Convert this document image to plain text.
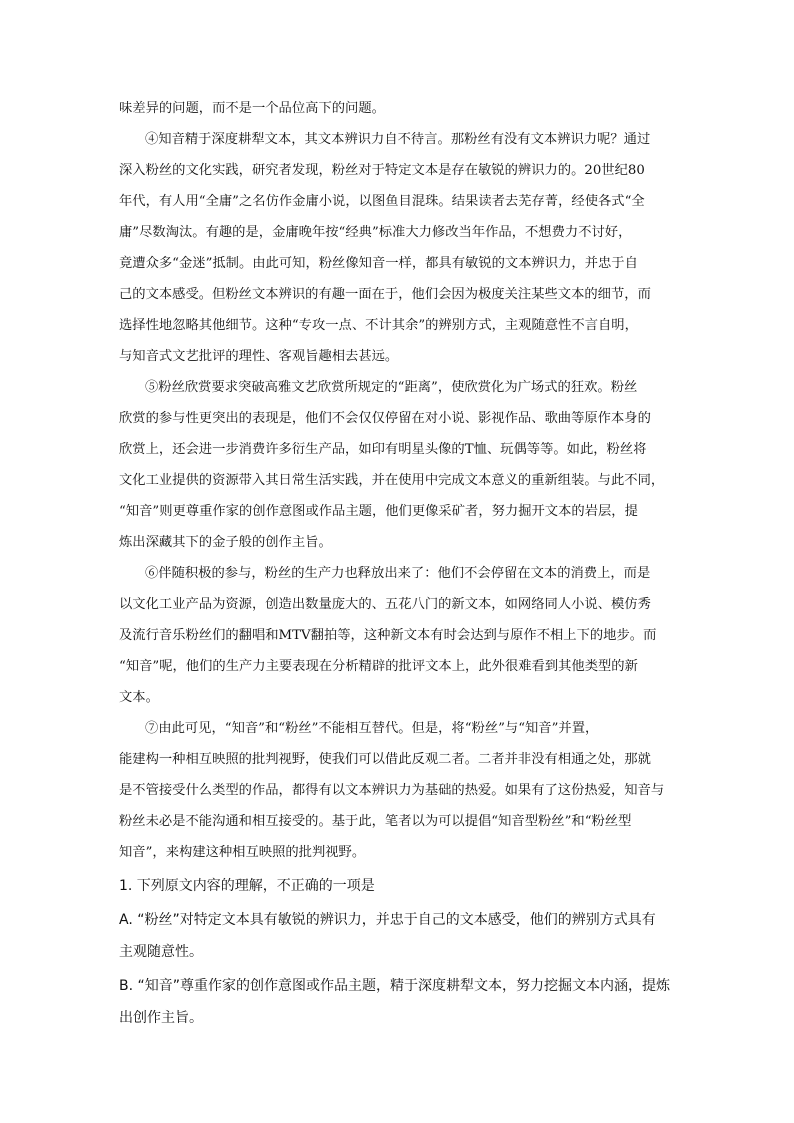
味差异的问题，而不是一个品位高下的问题。
④知音精于深度耕犁文本，其文本辨识力自不待言。那粉丝有没有文本辨识力呢？通过
深入粉丝的文化实践，研究者发现，粉丝对于特定文本是存在敏锐的辨识力的。20世纪80
年代，有人用“全庸”之名仿作金庸小说，以图鱼目混珠。结果读者去芜存菁，经使各式“全
庸”尽数淘汰。有趣的是，金庸晚年按“经典”标准大力修改当年作品，不想费力不讨好，
竟遭众多“金迷”抵制。由此可知，粉丝像知音一样，都具有敏锐的文本辨识力，并忠于自
己的文本感受。但粉丝文本辨识的有趣一面在于，他们会因为极度关注某些文本的细节，而
选择性地忽略其他细节。这种“专攻一点、不计其余”的辨别方式，主观随意性不言自明，
与知音式文艺批评的理性、客观旨趣相去甚远。
⑤粉丝欣赏要求突破高雅文艺欣赏所规定的“距离”，使欣赏化为广场式的狂欢。粉丝
欣赏的参与性更突出的表现是，他们不会仅仅停留在对小说、影视作品、歌曲等原作本身的
欣赏上，还会进一步消费许多衍生产品，如印有明星头像的T恤、玩偶等等。如此，粉丝将
文化工业提供的资源带入其日常生活实践，并在使用中完成文本意义的重新组装。与此不同，
“知音”则更尊重作家的创作意图或作品主题，他们更像采矿者，努力掘开文本的岩层，提
炼出深藏其下的金子般的创作主旨。
⑥伴随积极的参与，粉丝的生产力也释放出来了：他们不会停留在文本的消费上，而是
以文化工业产品为资源，创造出数量庞大的、五花八门的新文本，如网络同人小说、模仿秀
及流行音乐粉丝们的翻唱和MTV翻拍等，这种新文本有时会达到与原作不相上下的地步。而
“知音”呢，他们的生产力主要表现在分析精辟的批评文本上，此外很难看到其他类型的新
文本。
⑦由此可见，“知音”和“粉丝”不能相互替代。但是，将“粉丝”与“知音”并置，
能建构一种相互映照的批判视野，使我们可以借此反观二者。二者并非没有相通之处，那就
是不管接受什么类型的作品，都得有以文本辨识力为基础的热爱。如果有了这份热爱，知音与
粉丝未必是不能沟通和相互接受的。基于此，笔者以为可以提倡“知音型粉丝”和“粉丝型
知音”，来构建这种相互映照的批判视野。
1. 下列原文内容的理解，不正确的一项是
A. “粉丝”对特定文本具有敏锐的辨识力，并忠于自己的文本感受，他们的辨别方式具有
主观随意性。
B. “知音”尊重作家的创作意图或作品主题，精于深度耕犁文本，努力挖掘文本内涵，提炼
出创作主旨。
